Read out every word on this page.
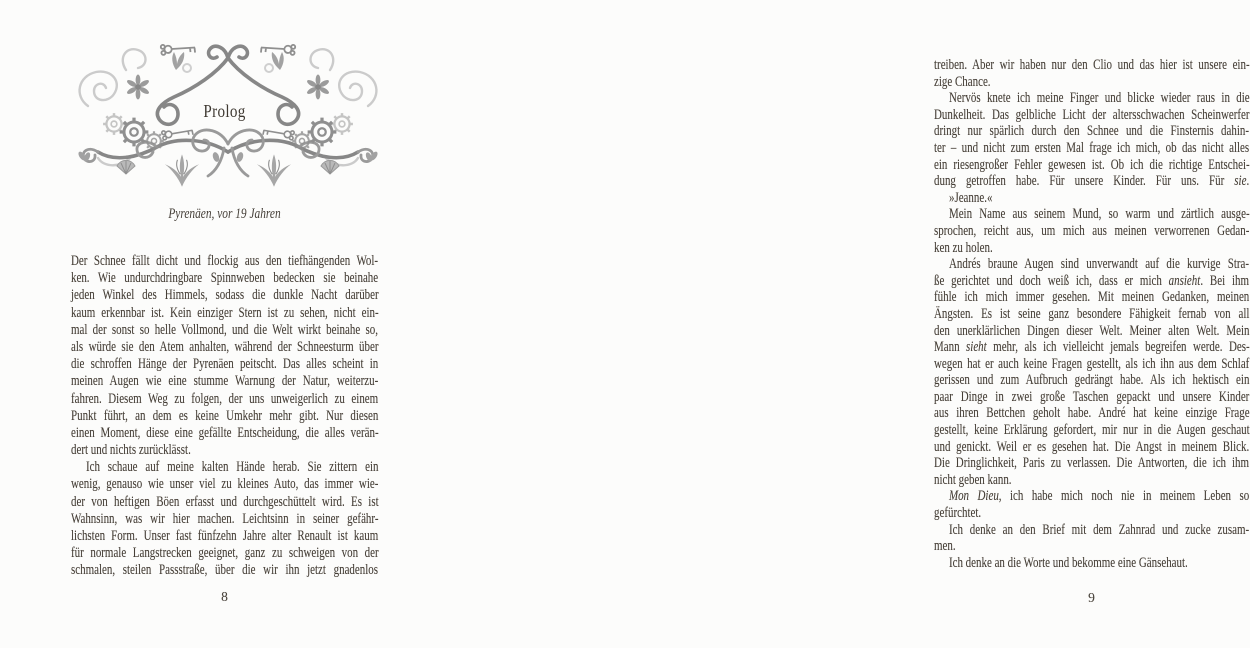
Prolog
Pyrenäen, vor 19 Jahren
Der Schnee fällt dicht und flockig aus den tiefhängenden Wol-
ken. Wie undurchdringbare Spinnweben bedecken sie beinahe
jeden Winkel des Himmels, sodass die dunkle Nacht darüber
kaum erkennbar ist. Kein einziger Stern ist zu sehen, nicht ein-
mal der sonst so helle Vollmond, und die Welt wirkt beinahe so,
als würde sie den Atem anhalten, während der Schneesturm über
die schroffen Hänge der Pyrenäen peitscht. Das alles scheint in
meinen Augen wie eine stumme Warnung der Natur, weiterzu-
fahren. Diesem Weg zu folgen, der uns unweigerlich zu einem
Punkt führt, an dem es keine Umkehr mehr gibt. Nur diesen
einen Moment, diese eine gefällte Entscheidung, die alles verän-
dert und nichts zurücklässt.
Ich schaue auf meine kalten Hände herab. Sie zittern ein
wenig, genauso wie unser viel zu kleines Auto, das immer wie-
der von heftigen Böen erfasst und durchgeschüttelt wird. Es ist
Wahnsinn, was wir hier machen. Leichtsinn in seiner gefähr-
lichsten Form. Unser fast fünfzehn Jahre alter Renault ist kaum
für normale Langstrecken geeignet, ganz zu schweigen von der
schmalen, steilen Passstraße, über die wir ihn jetzt gnadenlos
8
treiben. Aber wir haben nur den Clio und das hier ist unsere ein-
zige Chance.
Nervös knete ich meine Finger und blicke wieder raus in die
Dunkelheit. Das gelbliche Licht der altersschwachen Scheinwerfer
dringt nur spärlich durch den Schnee und die Finsternis dahin-
ter – und nicht zum ersten Mal frage ich mich, ob das nicht alles
ein riesengroßer Fehler gewesen ist. Ob ich die richtige Entschei-
dung getroffen habe. Für unsere Kinder. Für uns. Für sie.
»Jeanne.«
Mein Name aus seinem Mund, so warm und zärtlich ausge-
sprochen, reicht aus, um mich aus meinen verworrenen Gedan-
ken zu holen.
Andrés braune Augen sind unverwandt auf die kurvige Stra-
ße gerichtet und doch weiß ich, dass er mich ansieht. Bei ihm
fühle ich mich immer gesehen. Mit meinen Gedanken, meinen
Ängsten. Es ist seine ganz besondere Fähigkeit fernab von all
den unerklärlichen Dingen dieser Welt. Meiner alten Welt. Mein
Mann sieht mehr, als ich vielleicht jemals begreifen werde. Des-
wegen hat er auch keine Fragen gestellt, als ich ihn aus dem Schlaf
gerissen und zum Aufbruch gedrängt habe. Als ich hektisch ein
paar Dinge in zwei große Taschen gepackt und unsere Kinder
aus ihren Bettchen geholt habe. André hat keine einzige Frage
gestellt, keine Erklärung gefordert, mir nur in die Augen geschaut
und genickt. Weil er es gesehen hat. Die Angst in meinem Blick.
Die Dringlichkeit, Paris zu verlassen. Die Antworten, die ich ihm
nicht geben kann.
Mon Dieu, ich habe mich noch nie in meinem Leben so
gefürchtet.
Ich denke an den Brief mit dem Zahnrad und zucke zusam-
men.
Ich denke an die Worte und bekomme eine Gänsehaut.
9
